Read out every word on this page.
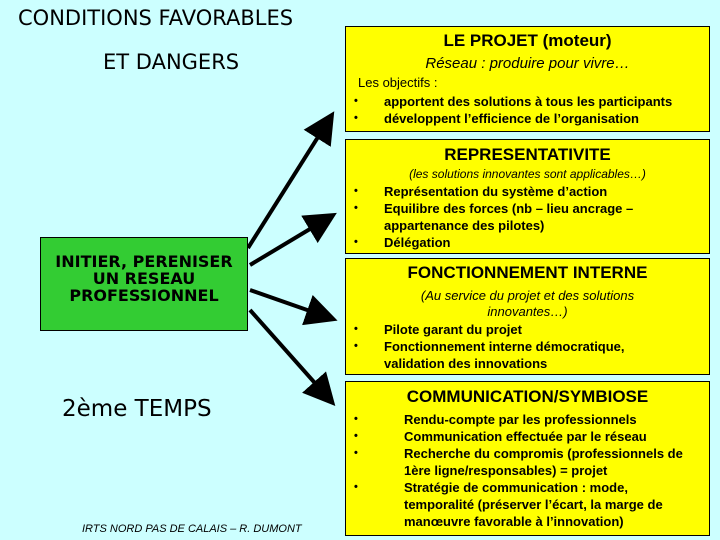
CONDITIONS FAVORABLES
ET DANGERS
LE PROJET (moteur)
Réseau : produire pour vivre…
Les objectifs :
• apportent des solutions à tous les participants
• développent l’efficience de l’organisation
REPRESENTATIVITE
(les solutions innovantes sont applicables…)
• Représentation du système d’action
• Equilibre des forces (nb – lieu ancrage – appartenance des pilotes)
• Délégation
FONCTIONNEMENT INTERNE
(Au service du projet et des solutions innovantes…)
• Pilote garant du projet
• Fonctionnement interne démocratique, validation des innovations
COMMUNICATION/SYMBIOSE
•	Rendu-compte par les professionnels
•	Communication effectuée par le réseau
•	Recherche du compromis (professionnels de 1ère ligne/responsables) = projet
•	Stratégie de communication : mode, temporalité (préserver l’écart, la marge de manœuvre favorable à l’innovation)
INITIER, PERENISER
UN RESEAU
PROFESSIONNEL
2ème TEMPS
IRTS NORD PAS DE CALAIS – R. DUMONT
